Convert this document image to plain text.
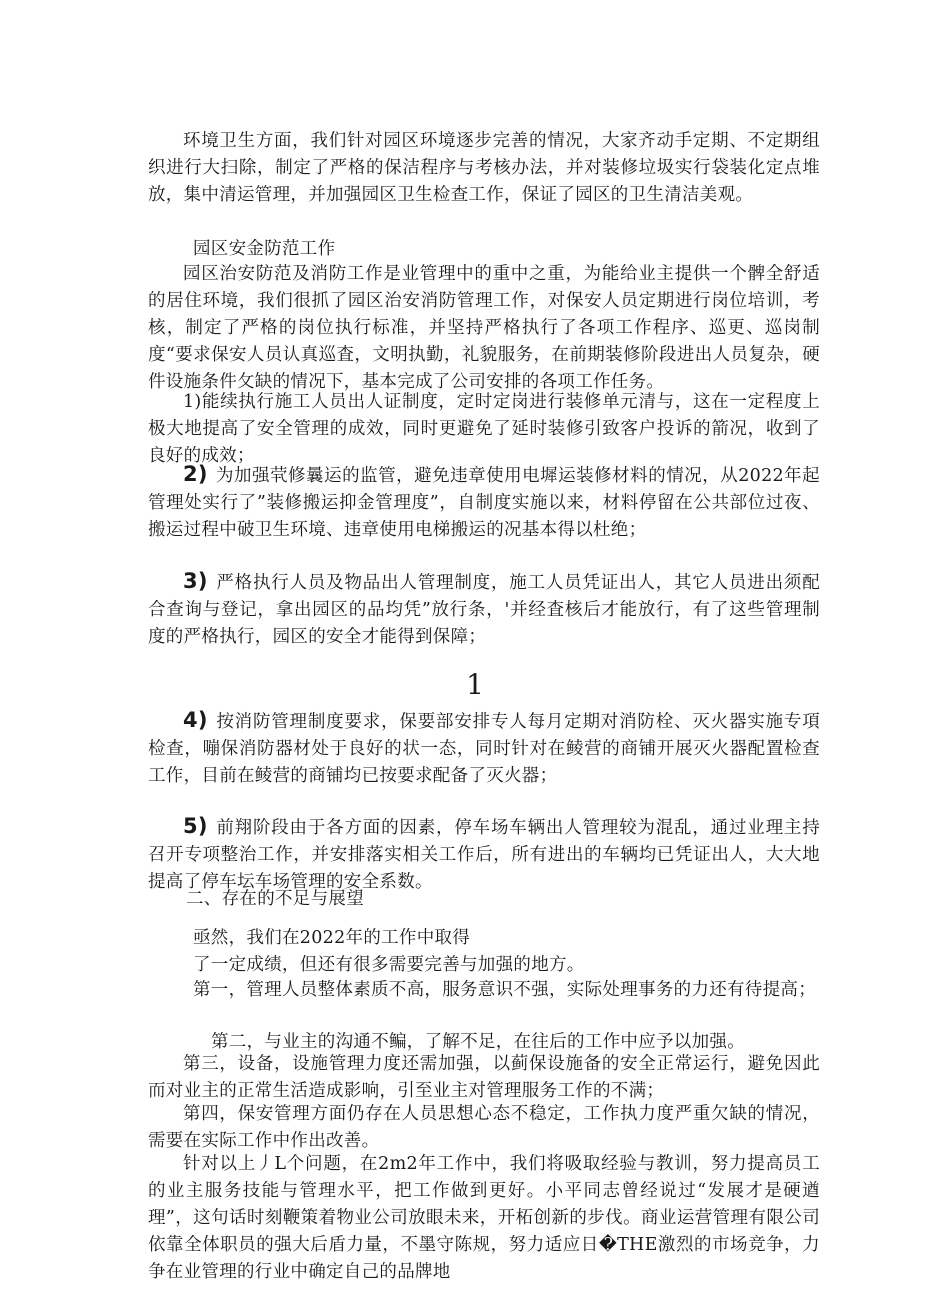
环境卫生方面，我们针对园区环境逐步完善的情况，大家齐动手定期、不定期组织进行大扫除，制定了严格的保洁程序与考核办法，并对装修垃圾实行袋装化定点堆放，集中清运管理，并加强园区卫生检查工作，保证了园区的卫生清洁美观。

园区安金防范工作

园区治安防范及消防工作是业管理中的重中之重，为能给业主提供一个髀全舒适的居住环境，我们很抓了园区治安消防管理工作，对保安人员定期进行岗位培训，考核，制定了严格的岗位执行标准，并坚持严格执行了各项工作程序、巡更、巡岗制度“要求保安人员认真巡査，文明执勤，礼貌服务，在前期装修阶段进出人员复杂，硬件设施条件攵缺的情况下，基本完成了公司安排的各项工作任务。

1)能续执行施工人员出人证制度，定时定岗进行装修单元清与，这在一定程度上极大地提高了安全管理的成效，同时更避免了延时装修引致客户投诉的箭况，收到了良好的成效；

2) 为加强茕修曩运的监管，避免违章使用电墀运装修材料的情况，从2022年起管理处实行了”装修搬运抑金管理度”，自制度实施以来，材料停留在公共部位过夜、搬运过程中破卫生环境、违章使用电梯搬运的况基本得以杜绝；

3) 严格执行人员及物品出人管理制度，施工人员凭证出人，其它人员进出须配合查询与登记，拿出园区的品均凭”放行条，'并经査核后才能放行，有了这些管理制度的严格执行，园区的安全才能得到保障；

1

4) 按消防管理制度要求，保要部安排专人每月定期对消防栓、灭火器实施专項检查，嘣保消防器材处于良好的状一态，同时针对在鲮营的商铺开展灭火器配置检查工作，目前在鲮营的商铺均已按要求配备了灭火器；

5) 前翔阶段由于各方面的因素，停车场车辆出人管理较为混乱，通过业理主持召开专项整治工作，并安排落实相关工作后，所有进出的车辆均已凭证出人，大大地提高了停车坛车场管理的安全系数。

二、存在的不足与展望

亟然，我们在2022年的工作中取得

了一定成绩，但还有很多需要完善与加强的地方。

第一，管理人员整体素质不高，服务意识不强，实际处理事务的力还有待提高；

第二，与业主的沟通不鳊，了解不足，在往后的工作中应予以加强。

第三，设备，设施管理力度还需加强，以蓟保设施备的安全正常运行，避免因此而对业主的正常生活造成影响，引至业主对管理服务工作的不满；

第四，保安管理方面仍存在人员思想心态不稳定，工作执力度严重欠缺的情况，需要在实际工作中作出改善。

针对以上丿L个问题，在2m2年工作中，我们将吸取经验与教训，努力提高员工的业主服务技能与管理水平，把工作做到更好。小平同志曾经说过“发展才是硬遒理”，这句话时刻鞭策着物业公司放眼未来，开柘创新的步伐。商业运营管理有限公司依靠全体职员的强大后盾力量，不墨守陈规，努力适应日�THE激烈的市场竞争，力争在业管理的行业中确定自己的品牌地
